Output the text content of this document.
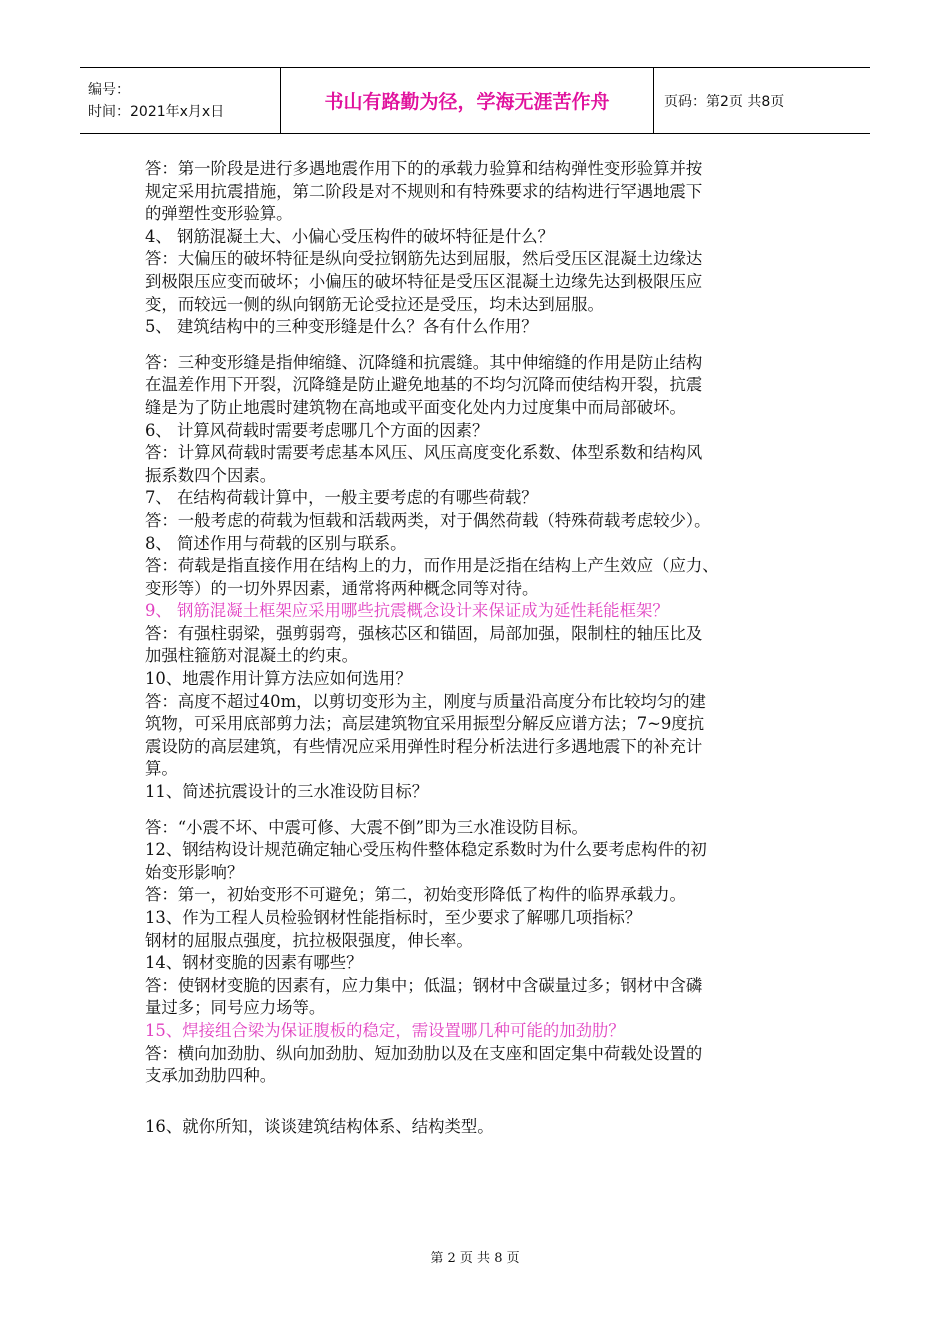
编号：
时间：2021年x月x日	书山有路勤为径，学海无涯苦作舟	页码：第2页 共8页
答：第一阶段是进行多遇地震作用下的的承载力验算和结构弹性变形验算并按
规定采用抗震措施，第二阶段是对不规则和有特殊要求的结构进行罕遇地震下
的弹塑性变形验算。
4、 钢筋混凝土大、小偏心受压构件的破坏特征是什么？
答：大偏压的破坏特征是纵向受拉钢筋先达到屈服，然后受压区混凝土边缘达
到极限压应变而破坏；小偏压的破坏特征是受压区混凝土边缘先达到极限压应
变，而较远一侧的纵向钢筋无论受拉还是受压，均未达到屈服。
5、 建筑结构中的三种变形缝是什么？各有什么作用？
答：三种变形缝是指伸缩缝、沉降缝和抗震缝。其中伸缩缝的作用是防止结构
在温差作用下开裂，沉降缝是防止避免地基的不均匀沉降而使结构开裂，抗震
缝是为了防止地震时建筑物在高地或平面变化处内力过度集中而局部破坏。
6、 计算风荷载时需要考虑哪几个方面的因素？
答：计算风荷载时需要考虑基本风压、风压高度变化系数、体型系数和结构风
振系数四个因素。
7、 在结构荷载计算中，一般主要考虑的有哪些荷载？
答：一般考虑的荷载为恒载和活载两类，对于偶然荷载（特殊荷载考虑较少）。
8、 简述作用与荷载的区别与联系。
答：荷载是指直接作用在结构上的力，而作用是泛指在结构上产生效应（应力、
变形等）的一切外界因素，通常将两种概念同等对待。
9、 钢筋混凝土框架应采用哪些抗震概念设计来保证成为延性耗能框架？
答：有强柱弱梁，强剪弱弯，强核芯区和锚固，局部加强，限制柱的轴压比及
加强柱箍筋对混凝土的约束。
10、地震作用计算方法应如何选用？
答：高度不超过40m，以剪切变形为主，刚度与质量沿高度分布比较均匀的建
筑物，可采用底部剪力法；高层建筑物宜采用振型分解反应谱方法；7~9度抗
震设防的高层建筑，有些情况应采用弹性时程分析法进行多遇地震下的补充计
算。
11、简述抗震设计的三水准设防目标？
答：“小震不坏、中震可修、大震不倒”即为三水准设防目标。
12、钢结构设计规范确定轴心受压构件整体稳定系数时为什么要考虑构件的初
始变形影响？
答：第一，初始变形不可避免；第二，初始变形降低了构件的临界承载力。
13、作为工程人员检验钢材性能指标时，至少要求了解哪几项指标？
钢材的屈服点强度，抗拉极限强度，伸长率。
14、钢材变脆的因素有哪些？
答：使钢材变脆的因素有，应力集中；低温；钢材中含碳量过多；钢材中含磷
量过多；同号应力场等。
15、焊接组合梁为保证腹板的稳定，需设置哪几种可能的加劲肋？
答：横向加劲肋、纵向加劲肋、短加劲肋以及在支座和固定集中荷载处设置的
支承加劲肋四种。
16、就你所知，谈谈建筑结构体系、结构类型。
第 2 页 共 8 页
